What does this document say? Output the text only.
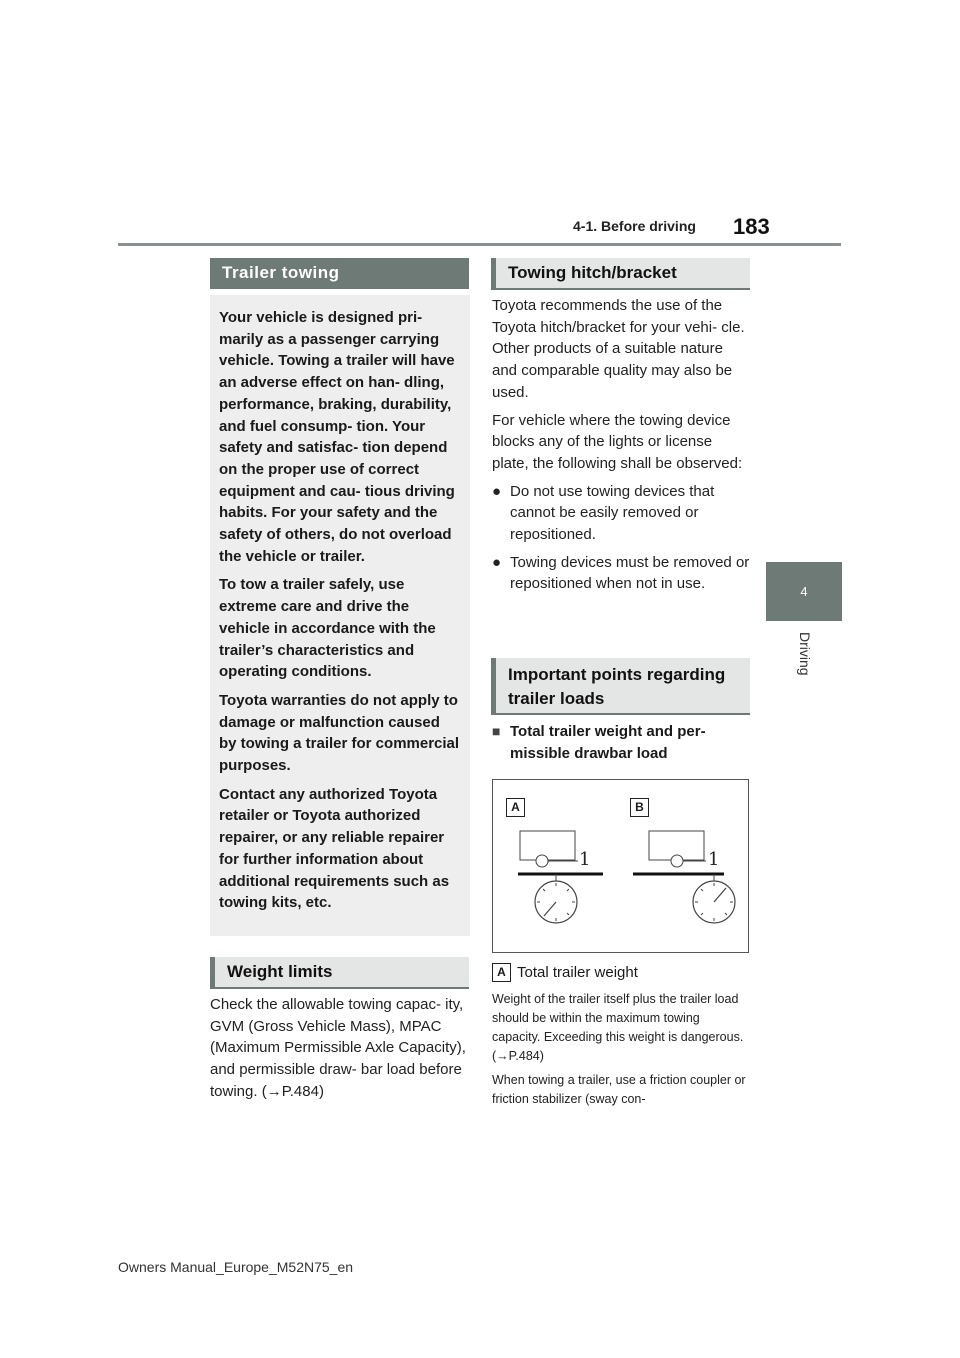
4-1. Before driving 183
4
Driving
Trailer towing

Your vehicle is designed pri- marily as a passenger carrying vehicle. Towing a trailer will have an adverse effect on han- dling, performance, braking, durability, and fuel consump- tion. Your safety and satisfac- tion depend on the proper use of correct equipment and cau- tious driving habits. For your safety and the safety of others, do not overload the vehicle or trailer.

To tow a trailer safely, use extreme care and drive the vehicle in accordance with the trailer’s characteristics and operating conditions.

Toyota warranties do not apply to damage or malfunction caused by towing a trailer for commercial purposes.

Contact any authorized Toyota retailer or Toyota authorized repairer, or any reliable repairer for further information about additional requirements such as towing kits, etc.

Weight limits
Check the allowable towing capac- ity, GVM (Gross Vehicle Mass), MPAC (Maximum Permissible Axle Capacity), and permissible draw- bar load before towing. (→P.484)
Towing hitch/bracket

Toyota recommends the use of the Toyota hitch/bracket for your vehi- cle. Other products of a suitable nature and comparable quality may also be used.

For vehicle where the towing device blocks any of the lights or license plate, the following shall be observed:

● Do not use towing devices that cannot be easily removed or repositioned.
● Towing devices must be removed or repositioned when not in use.
Important points regarding trailer loads
■ Total trailer weight and per- missible drawbar load
A	B
1	1
A Total trailer weight

Weight of the trailer itself plus the trailer load should be within the maximum towing capacity. Exceeding this weight is dangerous. (→P.484)

When towing a trailer, use a friction coupler or friction stabilizer (sway con-

Owners Manual_Europe_M52N75_en
